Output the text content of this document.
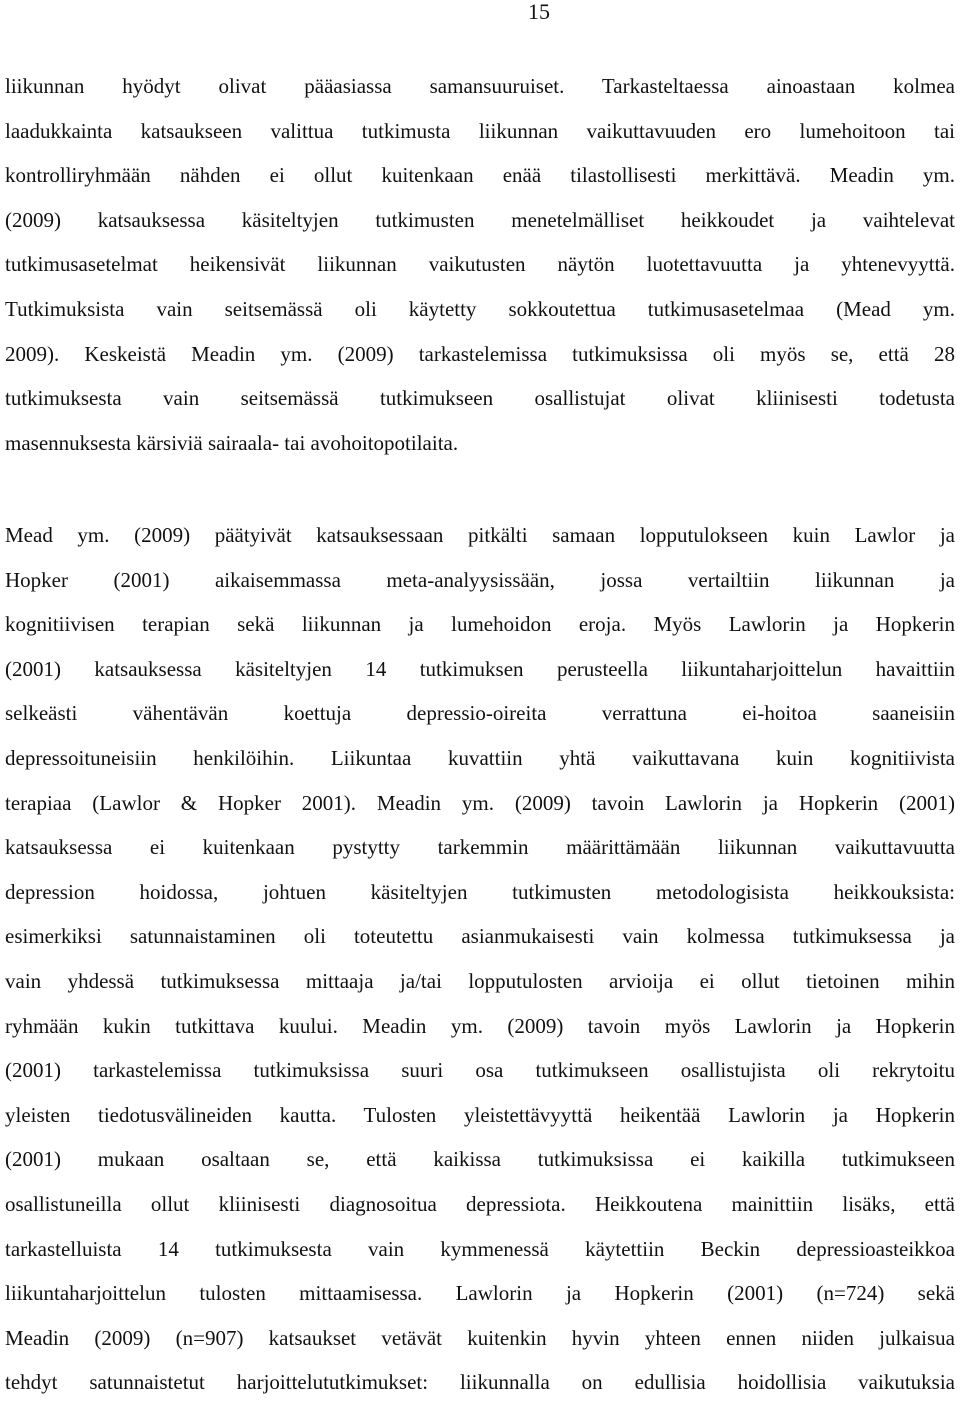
15
liikunnan hyödyt olivat pääasiassa samansuuruiset. Tarkasteltaessa ainoastaan kolmea
laadukkainta katsaukseen valittua tutkimusta liikunnan vaikuttavuuden ero lumehoitoon tai
kontrolliryhmään nähden ei ollut kuitenkaan enää tilastollisesti merkittävä. Meadin ym.
(2009) katsauksessa käsiteltyjen tutkimusten menetelmälliset heikkoudet ja vaihtelevat
tutkimusasetelmat heikensivät liikunnan vaikutusten näytön luotettavuutta ja yhtenevyyttä.
Tutkimuksista vain seitsemässä oli käytetty sokkoutettua tutkimusasetelmaa (Mead ym.
2009). Keskeistä Meadin ym. (2009) tarkastelemissa tutkimuksissa oli myös se, että 28
tutkimuksesta vain seitsemässä tutkimukseen osallistujat olivat kliinisesti todetusta
masennuksesta kärsiviä sairaala- tai avohoitopotilaita.
Mead ym. (2009) päätyivät katsauksessaan pitkälti samaan lopputulokseen kuin Lawlor ja
Hopker (2001) aikaisemmassa meta-analyysissään, jossa vertailtiin liikunnan ja
kognitiivisen terapian sekä liikunnan ja lumehoidon eroja. Myös Lawlorin ja Hopkerin
(2001) katsauksessa käsiteltyjen 14 tutkimuksen perusteella liikuntaharjoittelun havaittiin
selkeästi vähentävän koettuja depressio-oireita verrattuna ei-hoitoa saaneisiin
depressoituneisiin henkilöihin. Liikuntaa kuvattiin yhtä vaikuttavana kuin kognitiivista
terapiaa (Lawlor & Hopker 2001). Meadin ym. (2009) tavoin Lawlorin ja Hopkerin (2001)
katsauksessa ei kuitenkaan pystytty tarkemmin määrittämään liikunnan vaikuttavuutta
depression hoidossa, johtuen käsiteltyjen tutkimusten metodologisista heikkouksista:
esimerkiksi satunnaistaminen oli toteutettu asianmukaisesti vain kolmessa tutkimuksessa ja
vain yhdessä tutkimuksessa mittaaja ja/tai lopputulosten arvioija ei ollut tietoinen mihin
ryhmään kukin tutkittava kuului. Meadin ym. (2009) tavoin myös Lawlorin ja Hopkerin
(2001) tarkastelemissa tutkimuksissa suuri osa tutkimukseen osallistujista oli rekrytoitu
yleisten tiedotusvälineiden kautta. Tulosten yleistettävyyttä heikentää Lawlorin ja Hopkerin
(2001) mukaan osaltaan se, että kaikissa tutkimuksissa ei kaikilla tutkimukseen
osallistuneilla ollut kliinisesti diagnosoitua depressiota. Heikkoutena mainittiin lisäks, että
tarkastelluista 14 tutkimuksesta vain kymmenessä käytettiin Beckin depressioasteikkoa
liikuntaharjoittelun tulosten mittaamisessa. Lawlorin ja Hopkerin (2001) (n=724) sekä
Meadin (2009) (n=907) katsaukset vetävät kuitenkin hyvin yhteen ennen niiden julkaisua
tehdyt satunnaistetut harjoittelututkimukset: liikunnalla on edullisia hoidollisia vaikutuksia
